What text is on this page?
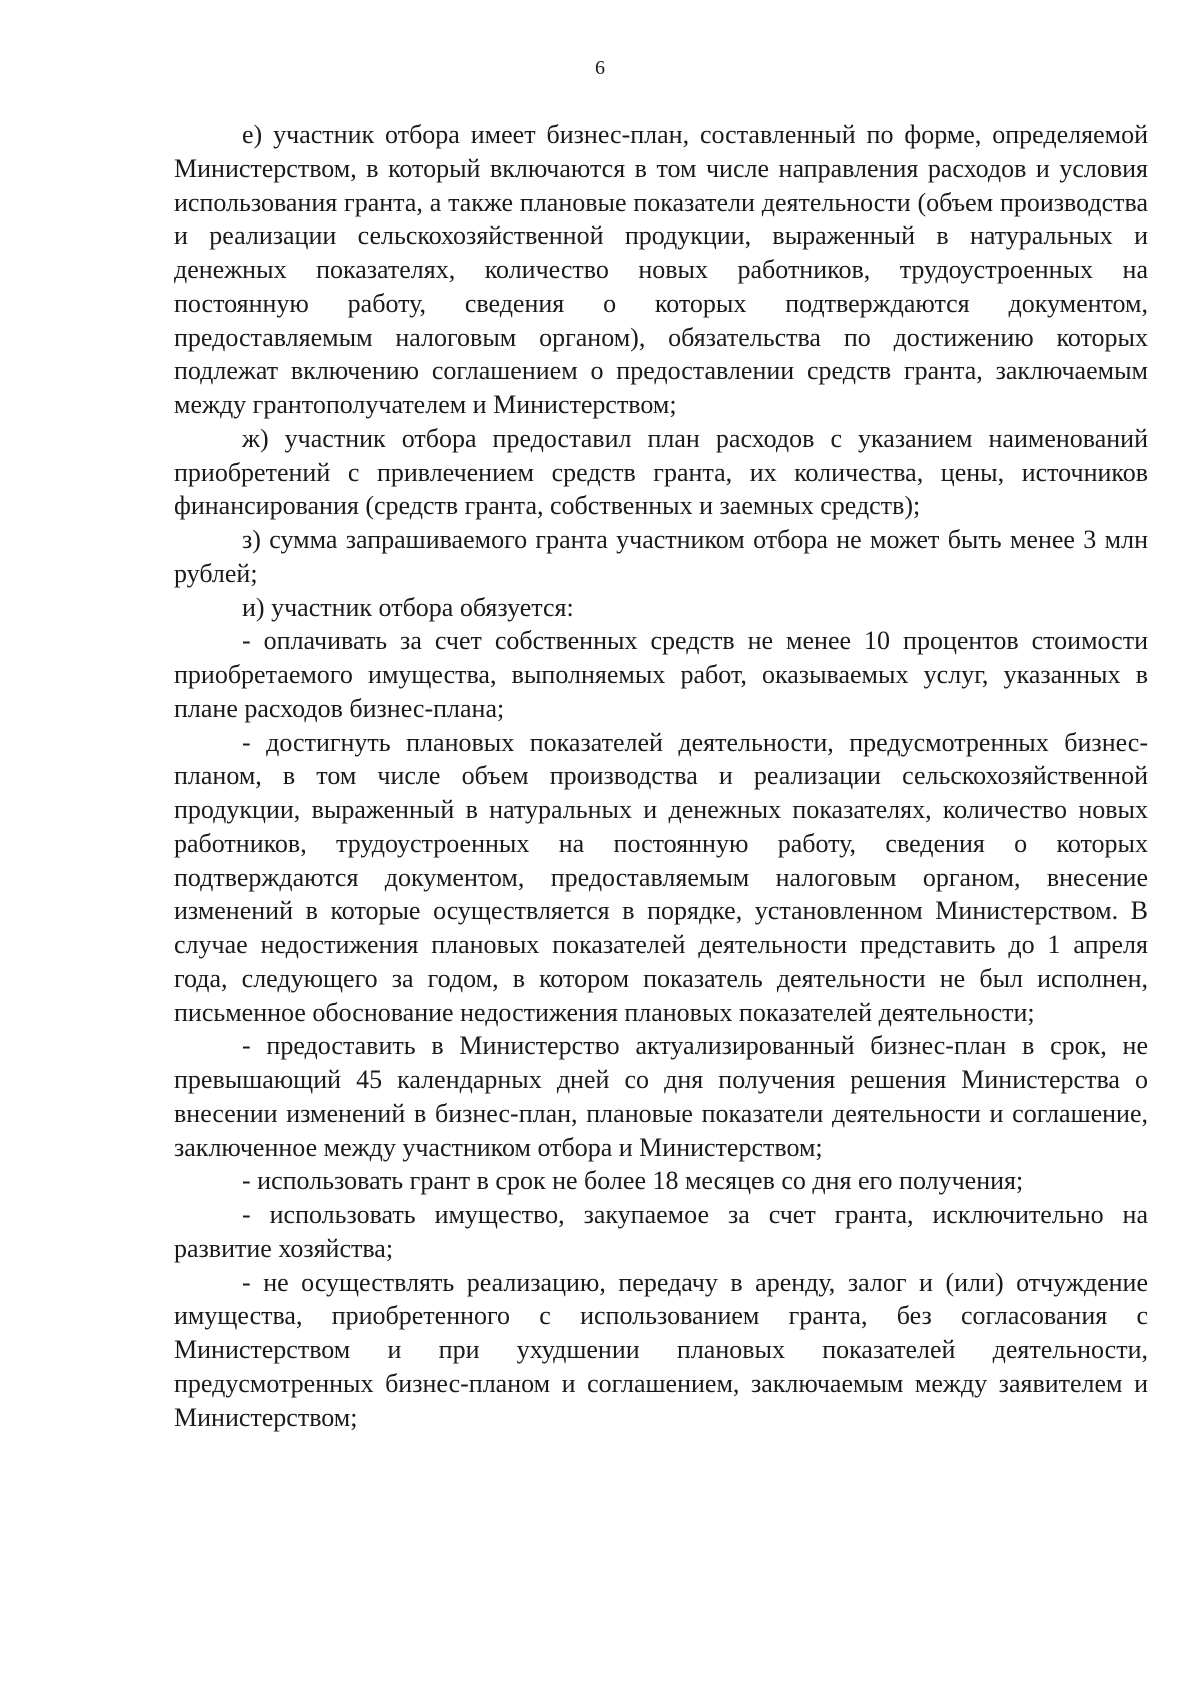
6

е) участник отбора имеет бизнес-план, составленный по форме, определяемой Министерством, в который включаются в том числе направления расходов и условия использования гранта, а также плановые показатели деятельности (объем производства и реализации сельскохозяйственной продукции, выраженный в натуральных и денежных показателях, количество новых работников, трудоустроенных на постоянную работу, сведения о которых подтверждаются документом, предоставляемым налоговым органом), обязательства по достижению которых подлежат включению соглашением о предоставлении средств гранта, заключаемым между грантополучателем и Министерством;

ж) участник отбора предоставил план расходов с указанием наименований приобретений с привлечением средств гранта, их количества, цены, источников финансирования (средств гранта, собственных и заемных средств);

з) сумма запрашиваемого гранта участником отбора не может быть менее 3 млн рублей;

и) участник отбора обязуется:

- оплачивать за счет собственных средств не менее 10 процентов стоимости приобретаемого имущества, выполняемых работ, оказываемых услуг, указанных в плане расходов бизнес-плана;

- достигнуть плановых показателей деятельности, предусмотренных бизнес-планом, в том числе объем производства и реализации сельскохозяйственной продукции, выраженный в натуральных и денежных показателях, количество новых работников, трудоустроенных на постоянную работу, сведения о которых подтверждаются документом, предоставляемым налоговым органом, внесение изменений в которые осуществляется в порядке, установленном Министерством. В случае недостижения плановых показателей деятельности представить до 1 апреля года, следующего за годом, в котором показатель деятельности не был исполнен, письменное обоснование недостижения плановых показателей деятельности;

- предоставить в Министерство актуализированный бизнес-план в срок, не превышающий 45 календарных дней со дня получения решения Министерства о внесении изменений в бизнес-план, плановые показатели деятельности и соглашение, заключенное между участником отбора и Министерством;

- использовать грант в срок не более 18 месяцев со дня его получения;

- использовать имущество, закупаемое за счет гранта, исключительно на развитие хозяйства;

- не осуществлять реализацию, передачу в аренду, залог и (или) отчуждение имущества, приобретенного с использованием гранта, без согласования с Министерством и при ухудшении плановых показателей деятельности, предусмотренных бизнес-планом и соглашением, заключаемым между заявителем и Министерством;
